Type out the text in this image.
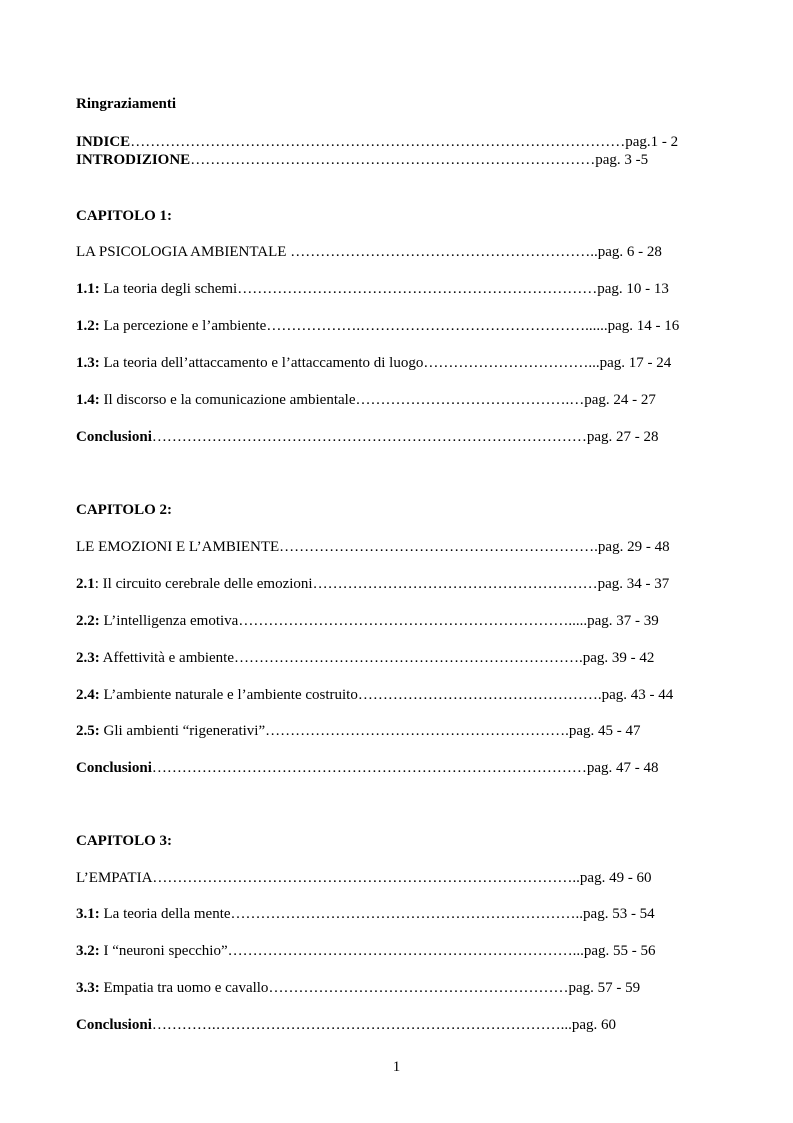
Ringraziamenti
INDICE………………………………………………………………………………………pag.1 - 2
INTRODIZIONE………………………………………………………………………pag. 3 -5
CAPITOLO 1:
LA PSICOLOGIA AMBIENTALE ……………………………………………………..pag. 6 - 28
1.1: La teoria degli schemi………………………………………………………………pag. 10 - 13
1.2: La percezione e l’ambiente……………….………………………………………......pag. 14 - 16
1.3: La teoria dell’attaccamento e l’attaccamento di luogo……………………………...pag. 17 - 24
1.4: Il discorso e la comunicazione ambientale…………………………………….…pag. 24 - 27
Conclusioni……………………………………………………………………………pag. 27 - 28
CAPITOLO 2:
LE EMOZIONI E L’AMBIENTE……………………………………………………….pag. 29 - 48
2.1: Il circuito cerebrale delle emozioni…………………………………………………pag. 34 - 37
2.2: L’intelligenza emotiva………………………………………………………….....pag. 37 - 39
2.3: Affettività e ambiente…………………………………………………………….pag. 39 - 42
2.4: L’ambiente naturale e l’ambiente costruito………………………………………….pag. 43 - 44
2.5: Gli ambienti “rigenerativi”…………………………………………………….pag. 45 - 47
Conclusioni……………………………………………………………………………pag. 47 - 48
CAPITOLO 3:
L’EMPATIA…………………………………………………………………………..pag. 49 - 60
3.1: La teoria della mente……………………………………………………………..pag. 53 - 54
3.2: I “neuroni specchio”……………………………………………………………...pag. 55 - 56
3.3: Empatia tra uomo e cavallo……………………………………………………pag. 57 - 59
Conclusioni………….……………………………………………………………...pag. 60
1
